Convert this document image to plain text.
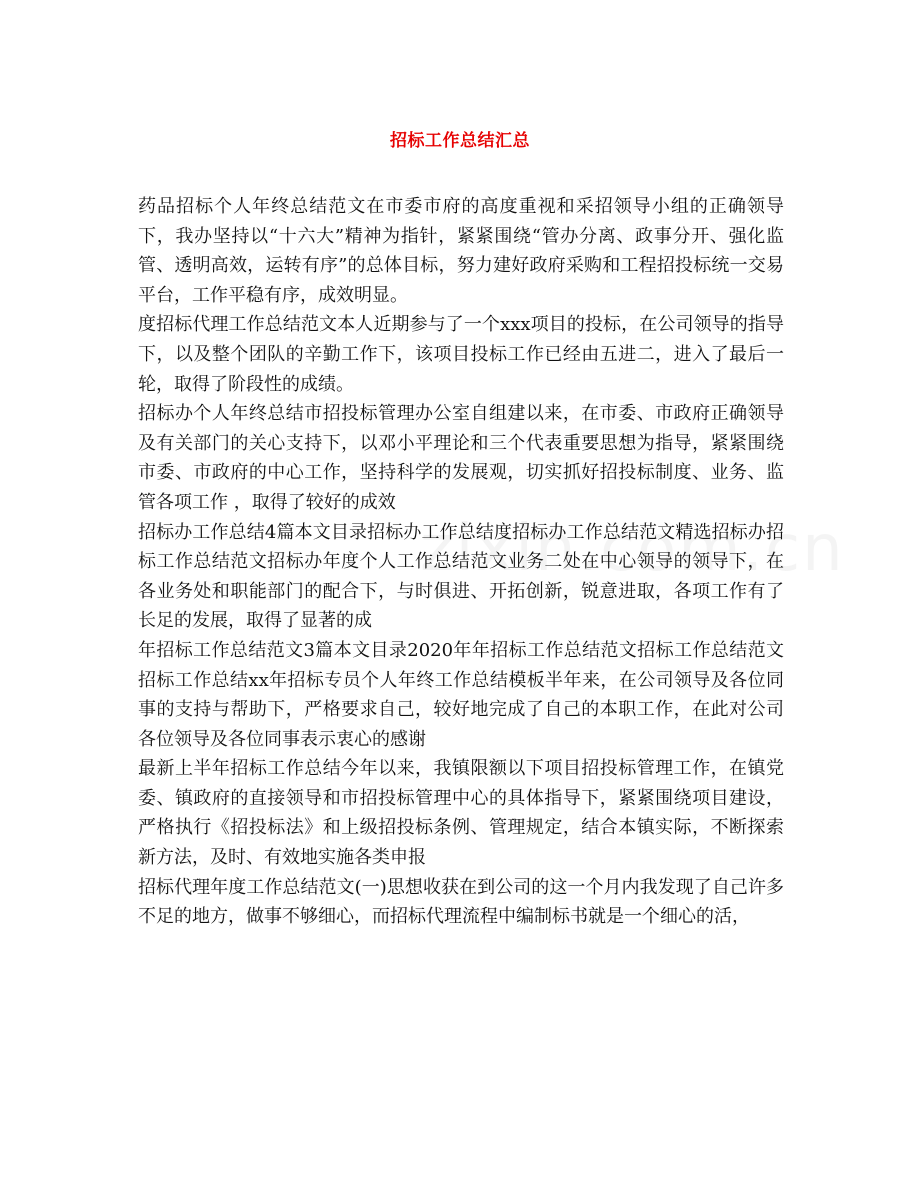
招标工作总结汇总

药品招标个人年终总结范文在市委市府的高度重视和采招领导小组的正确领导下，我办坚持以“十六大”精神为指针，紧紧围绕“管办分离、政事分开、强化监管、透明高效，运转有序”的总体目标，努力建好政府采购和工程招投标统一交易平台，工作平稳有序，成效明显。

度招标代理工作总结范文本人近期参与了一个xxx项目的投标，在公司领导的指导下，以及整个团队的辛勤工作下，该项目投标工作已经由五进二，进入了最后一轮，取得了阶段性的成绩。

招标办个人年终总结市招投标管理办公室自组建以来，在市委、市政府正确领导及有关部门的关心支持下，以邓小平理论和三个代表重要思想为指导，紧紧围绕市委、市政府的中心工作，坚持科学的发展观，切实抓好招投标制度、业务、监管各项工作 ，取得了较好的成效

招标办工作总结4篇本文目录招标办工作总结度招标办工作总结范文精选招标办招标工作总结范文招标办年度个人工作总结范文业务二处在中心领导的领导下，在各业务处和职能部门的配合下，与时俱进、开拓创新，锐意进取，各项工作有了长足的发展，取得了显著的成

年招标工作总结范文3篇本文目录2020年年招标工作总结范文招标工作总结范文招标工作总结xx年招标专员个人年终工作总结模板半年来，在公司领导及各位同事的支持与帮助下，严格要求自己，较好地完成了自己的本职工作，在此对公司各位领导及各位同事表示衷心的感谢

最新上半年招标工作总结今年以来，我镇限额以下项目招投标管理工作，在镇党委、镇政府的直接领导和市招投标管理中心的具体指导下，紧紧围绕项目建设，严格执行《招投标法》和上级招投标条例、管理规定，结合本镇实际，不断探索新方法，及时、有效地实施各类申报

招标代理年度工作总结范文(一)思想收获在到公司的这一个月内我发现了自己许多不足的地方，做事不够细心，而招标代理流程中编制标书就是一个细心的活，
